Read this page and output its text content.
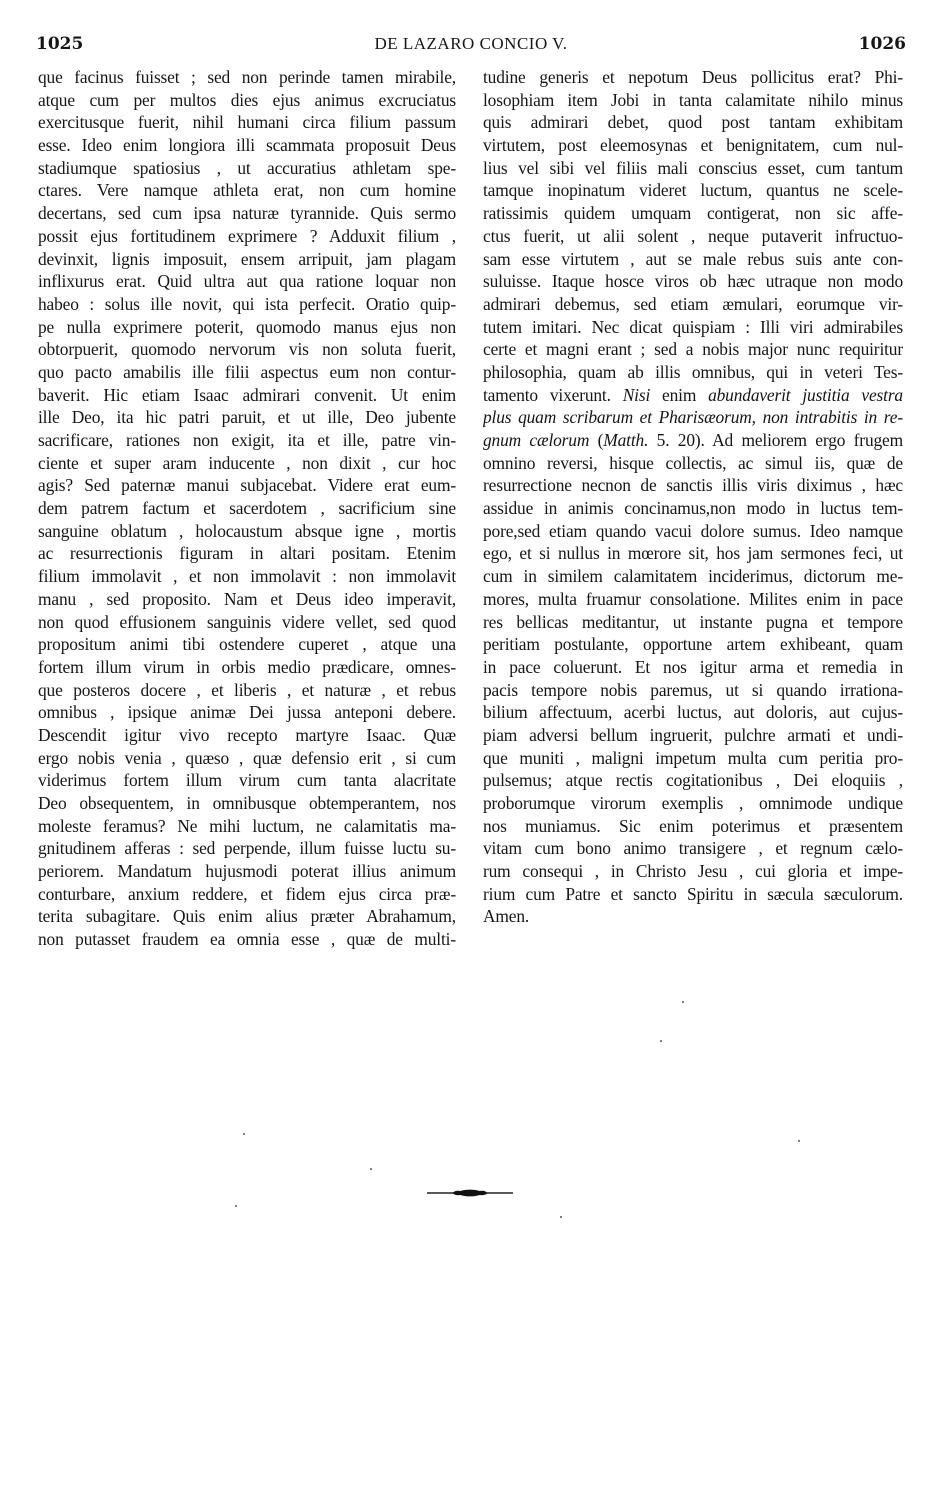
1025	DE LAZARO CONCIO V.	1026
que facinus fuisset ; sed non perinde tamen mirabile,
atque cum per multos dies ejus animus excruciatus
exercitusque fuerit, nihil humani circa filium passum
esse. Ideo enim longiora illi scammata proposuit Deus
stadiumque spatiosius , ut accuratius athletam spe-
ctares. Vere namque athleta erat, non cum homine
decertans, sed cum ipsa naturæ tyrannide. Quis sermo
possit ejus fortitudinem exprimere ? Adduxit filium ,
devinxit, lignis imposuit, ensem arripuit, jam plagam
inflixurus erat. Quid ultra aut qua ratione loquar non
habeo : solus ille novit, qui ista perfecit. Oratio quip-
pe nulla exprimere poterit, quomodo manus ejus non
obtorpuerit, quomodo nervorum vis non soluta fuerit,
quo pacto amabilis ille filii aspectus eum non contur-
baverit. Hic etiam Isaac admirari convenit. Ut enim
ille Deo, ita hic patri paruit, et ut ille, Deo jubente
sacrificare, rationes non exigit, ita et ille, patre vin-
ciente et super aram inducente , non dixit , cur hoc
agis? Sed paternæ manui subjacebat. Videre erat eum-
dem patrem factum et sacerdotem , sacrificium sine
sanguine oblatum , holocaustum absque igne , mortis
ac resurrectionis figuram in altari positam. Etenim
filium immolavit , et non immolavit : non immolavit
manu , sed proposito. Nam et Deus ideo imperavit,
non quod effusionem sanguinis videre vellet, sed quod
propositum animi tibi ostendere cuperet , atque una
fortem illum virum in orbis medio prædicare, omnes-
que posteros docere , et liberis , et naturæ , et rebus
omnibus , ipsique animæ Dei jussa anteponi debere.
Descendit igitur vivo recepto martyre Isaac. Quæ
ergo nobis venia , quæso , quæ defensio erit , si cum
viderimus fortem illum virum cum tanta alacritate
Deo obsequentem, in omnibusque obtemperantem, nos
moleste feramus? Ne mihi luctum, ne calamitatis ma-
gnitudinem afferas : sed perpende, illum fuisse luctu su-
periorem. Mandatum hujusmodi poterat illius animum
conturbare, anxium reddere, et fidem ejus circa præ-
terita subagitare. Quis enim alius præter Abrahamum,
non putasset fraudem ea omnia esse , quæ de multi-
tudine generis et nepotum Deus pollicitus erat? Phi-
losophiam item Jobi in tanta calamitate nihilo minus
quis admirari debet, quod post tantam exhibitam
virtutem, post eleemosynas et benignitatem, cum nul-
lius vel sibi vel filiis mali conscius esset, cum tantum
tamque inopinatum videret luctum, quantus ne scele-
ratissimis quidem umquam contigerat, non sic affe-
ctus fuerit, ut alii solent , neque putaverit infructuo-
sam esse virtutem , aut se male rebus suis ante con-
suluisse. Itaque hosce viros ob hæc utraque non modo
admirari debemus, sed etiam æmulari, eorumque vir-
tutem imitari. Nec dicat quispiam : Illi viri admirabiles
certe et magni erant ; sed a nobis major nunc requiritur
philosophia, quam ab illis omnibus, qui in veteri Tes-
tamento vixerunt. Nisi enim abundaverit justitia vestra
plus quam scribarum et Pharisæorum, non intrabitis in re-
gnum cælorum (Matth. 5. 20). Ad meliorem ergo frugem
omnino reversi, hisque collectis, ac simul iis, quæ de
resurrectione necnon de sanctis illis viris diximus , hæc
assidue in animis concinamus,non modo in luctus tem-
pore,sed etiam quando vacui dolore sumus. Ideo namque
ego, et si nullus in mœrore sit, hos jam sermones feci, ut
cum in similem calamitatem inciderimus, dictorum me-
mores, multa fruamur consolatione. Milites enim in pace
res bellicas meditantur, ut instante pugna et tempore
peritiam postulante, opportune artem exhibeant, quam
in pace coluerunt. Et nos igitur arma et remedia in
pacis tempore nobis paremus, ut si quando irrationa-
bilium affectuum, acerbi luctus, aut doloris, aut cujus-
piam adversi bellum ingruerit, pulchre armati et undi-
que muniti , maligni impetum multa cum peritia pro-
pulsemus; atque rectis cogitationibus , Dei eloquiis ,
proborumque virorum exemplis , omnimode undique
nos muniamus. Sic enim poterimus et præsentem
vitam cum bono animo transigere , et regnum cælo-
rum consequi , in Christo Jesu , cui gloria et impe-
rium cum Patre et sancto Spiritu in sæcula sæculorum.
Amen.
